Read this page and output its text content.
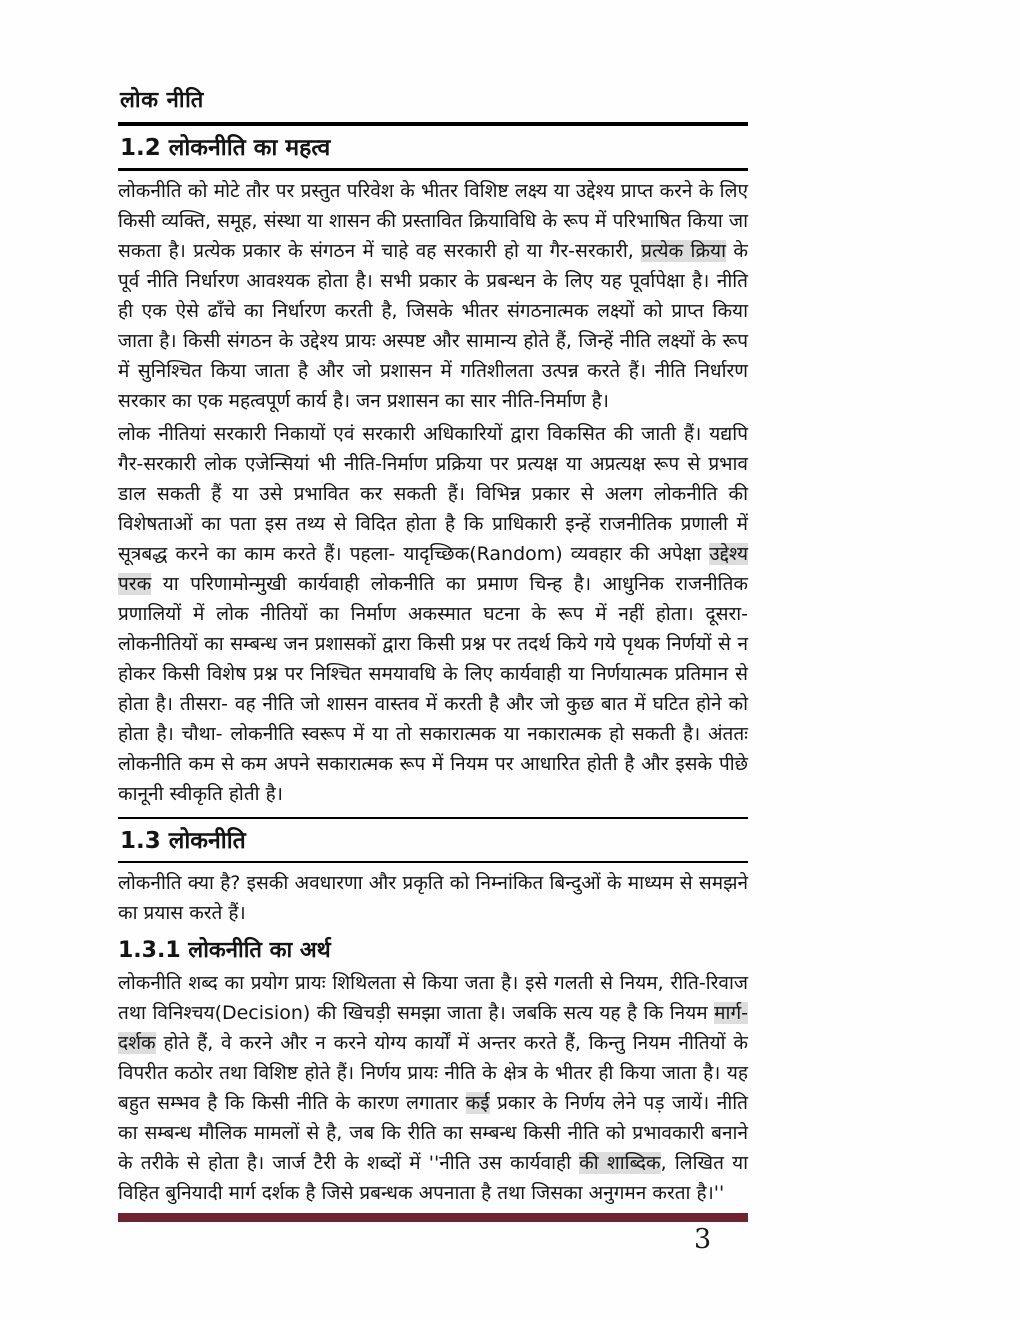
लोक नीति
1.2 लोकनीति का महत्व

लोकनीति को मोटे तौर पर प्रस्तुत परिवेश के भीतर विशिष्ट लक्ष्य या उद्देश्य प्राप्त करने के लिए किसी व्यक्ति, समूह, संस्था या शासन की प्रस्तावित क्रियाविधि के रूप में परिभाषित किया जा सकता है। प्रत्येक प्रकार के संगठन में चाहे वह सरकारी हो या गैर-सरकारी, प्रत्येक क्रिया के पूर्व नीति निर्धारण आवश्यक होता है। सभी प्रकार के प्रबन्धन के लिए यह पूर्वापेक्षा है। नीति ही एक ऐसे ढाँचे का निर्धारण करती है, जिसके भीतर संगठनात्मक लक्ष्यों को प्राप्त किया जाता है। किसी संगठन के उद्देश्य प्रायः अस्पष्ट और सामान्य होते हैं, जिन्हें नीति लक्ष्यों के रूप में सुनिश्चित किया जाता है और जो प्रशासन में गतिशीलता उत्पन्न करते हैं। नीति निर्धारण सरकार का एक महत्वपूर्ण कार्य है। जन प्रशासन का सार नीति-निर्माण है।

लोक नीतियां सरकारी निकायों एवं सरकारी अधिकारियों द्वारा विकसित की जाती हैं। यद्यपि गैर-सरकारी लोक एजेन्सियां भी नीति-निर्माण प्रक्रिया पर प्रत्यक्ष या अप्रत्यक्ष रूप से प्रभाव डाल सकती हैं या उसे प्रभावित कर सकती हैं। विभिन्न प्रकार से अलग लोकनीति की विशेषताओं का पता इस तथ्य से विदित होता है कि प्राधिकारी इन्हें राजनीतिक प्रणाली में सूत्रबद्ध करने का काम करते हैं। पहला- यादृच्छिक(Random) व्यवहार की अपेक्षा उद्देश्य परक या परिणामोन्मुखी कार्यवाही लोकनीति का प्रमाण चिन्ह है। आधुनिक राजनीतिक प्रणालियों में लोक नीतियों का निर्माण अकस्मात घटना के रूप में नहीं होता। दूसरा- लोकनीतियों का सम्बन्ध जन प्रशासकों द्वारा किसी प्रश्न पर तदर्थ किये गये पृथक निर्णयों से न होकर किसी विशेष प्रश्न पर निश्चित समयावधि के लिए कार्यवाही या निर्णयात्मक प्रतिमान से होता है। तीसरा- वह नीति जो शासन वास्तव में करती है और जो कुछ बात में घटित होने को होता है। चौथा- लोकनीति स्वरूप में या तो सकारात्मक या नकारात्मक हो सकती है। अंततः लोकनीति कम से कम अपने सकारात्मक रूप में नियम पर आधारित होती है और इसके पीछे कानूनी स्वीकृति होती है।

1.3 लोकनीति

लोकनीति क्या है? इसकी अवधारणा और प्रकृति को निम्नांकित बिन्दुओं के माध्यम से समझने का प्रयास करते हैं।

1.3.1 लोकनीति का अर्थ

लोकनीति शब्द का प्रयोग प्रायः शिथिलता से किया जता है। इसे गलती से नियम, रीति-रिवाज तथा विनिश्चय(Decision) की खिचड़ी समझा जाता है। जबकि सत्य यह है कि नियम मार्ग-दर्शक होते हैं, वे करने और न करने योग्य कार्यों में अन्तर करते हैं, किन्तु नियम नीतियों के विपरीत कठोर तथा विशिष्ट होते हैं। निर्णय प्रायः नीति के क्षेत्र के भीतर ही किया जाता है। यह बहुत सम्भव है कि किसी नीति के कारण लगातार कई प्रकार के निर्णय लेने पड़ जायें। नीति का सम्बन्ध मौलिक मामलों से है, जब कि रीति का सम्बन्ध किसी नीति को प्रभावकारी बनाने के तरीके से होता है। जार्ज टैरी के शब्दों में ''नीति उस कार्यवाही की शाब्दिक, लिखित या विहित बुनियादी मार्ग दर्शक है जिसे प्रबन्धक अपनाता है तथा जिसका अनुगमन करता है।''

3
